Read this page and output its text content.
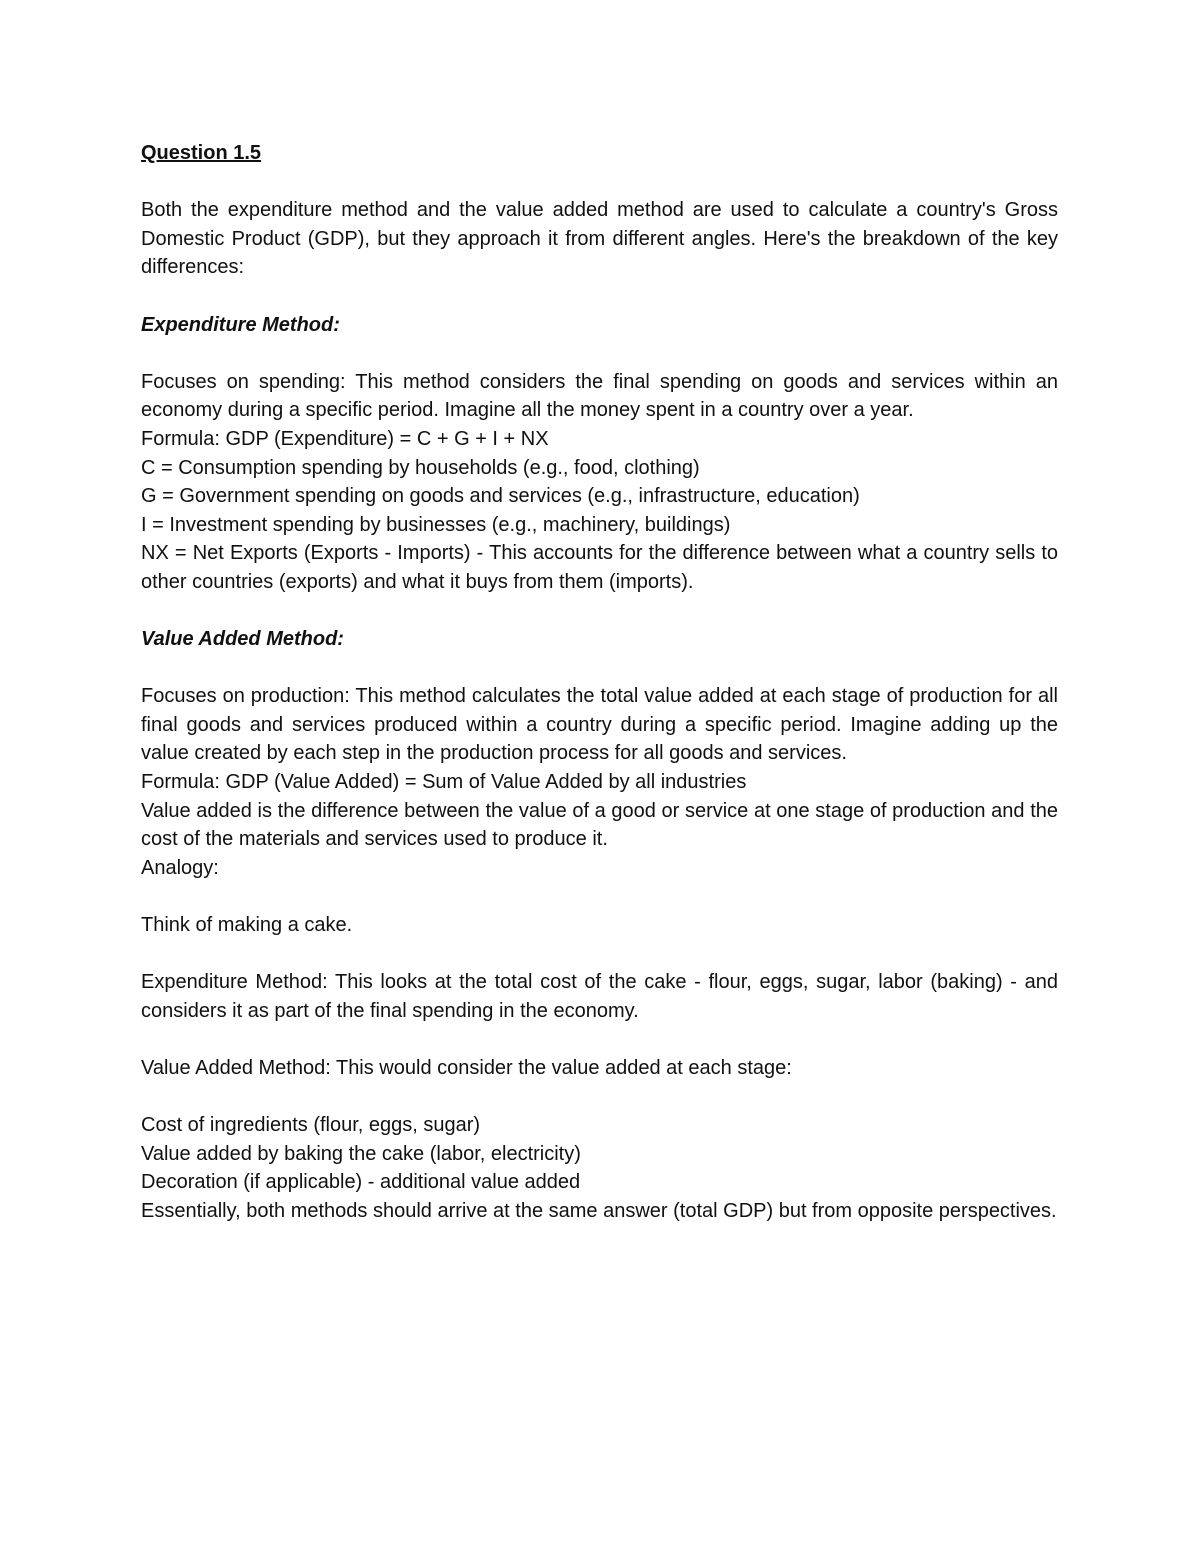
Question 1.5

Both the expenditure method and the value added method are used to calculate a country's Gross Domestic Product (GDP), but they approach it from different angles. Here's the breakdown of the key differences:

Expenditure Method:

Focuses on spending: This method considers the final spending on goods and services within an economy during a specific period. Imagine all the money spent in a country over a year.

Formula: GDP (Expenditure) = C + G + I + NX

C = Consumption spending by households (e.g., food, clothing)

G = Government spending on goods and services (e.g., infrastructure, education)

I = Investment spending by businesses (e.g., machinery, buildings)

NX = Net Exports (Exports - Imports) - This accounts for the difference between what a country sells to other countries (exports) and what it buys from them (imports).

Value Added Method:

Focuses on production: This method calculates the total value added at each stage of production for all final goods and services produced within a country during a specific period. Imagine adding up the value created by each step in the production process for all goods and services.

Formula: GDP (Value Added) = Sum of Value Added by all industries

Value added is the difference between the value of a good or service at one stage of production and the cost of the materials and services used to produce it.

Analogy:

Think of making a cake.

Expenditure Method: This looks at the total cost of the cake - flour, eggs, sugar, labor (baking) - and considers it as part of the final spending in the economy.

Value Added Method: This would consider the value added at each stage:

Cost of ingredients (flour, eggs, sugar)

Value added by baking the cake (labor, electricity)

Decoration (if applicable) - additional value added

Essentially, both methods should arrive at the same answer (total GDP) but from opposite perspectives.
